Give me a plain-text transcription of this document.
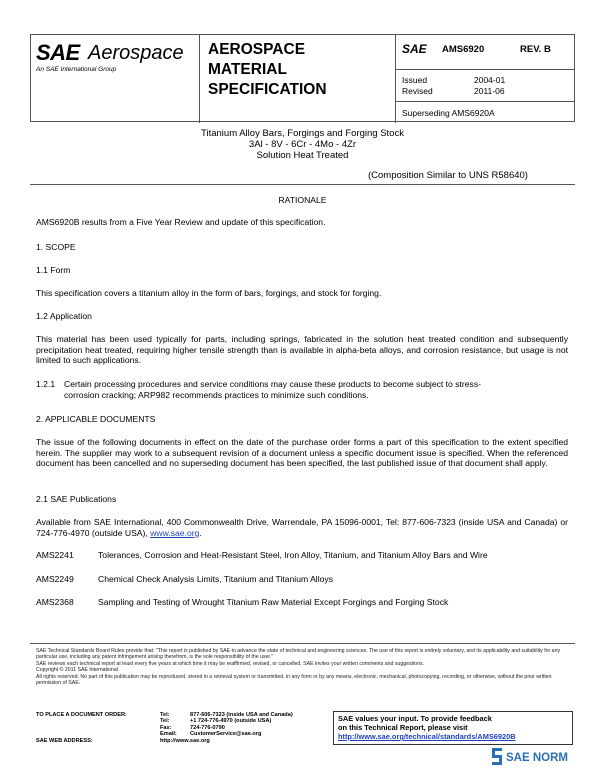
SAE Aerospace
An SAE International Group
AEROSPACE
MATERIAL
SPECIFICATION
SAE AMS6920	REV. B
Issued	2004-01
Revised	2011-06
Superseding AMS6920A
Titanium Alloy Bars, Forgings and Forging Stock
3Al - 8V - 6Cr - 4Mo - 4Zr
Solution Heat Treated
(Composition Similar to UNS R58640)
RATIONALE
AMS6920B results from a Five Year Review and update of this specification.
1. SCOPE
1.1 Form
This specification covers a titanium alloy in the form of bars, forgings, and stock for forging.
1.2 Application
This material has been used typically for parts, including springs, fabricated in the solution heat treated condition and subsequently precipitation heat treated, requiring higher tensile strength than is available in alpha-beta alloys, and corrosion resistance, but usage is not limited to such applications.
1.2.1 Certain processing procedures and service conditions may cause these products to become subject to stress-
corrosion cracking; ARP982 recommends practices to minimize such conditions.
2. APPLICABLE DOCUMENTS
The issue of the following documents in effect on the date of the purchase order forms a part of this specification to the extent specified herein. The supplier may work to a subsequent revision of a document unless a specific document issue is specified. When the referenced document has been cancelled and no superseding document has been specified, the last published issue of that document shall apply.
2.1 SAE Publications
Available from SAE International, 400 Commonwealth Drive, Warrendale, PA 15096-0001, Tel: 877-606-7323 (inside USA and Canada) or 724-776-4970 (outside USA), www.sae.org.
AMS2241	Tolerances, Corrosion and Heat-Resistant Steel, Iron Alloy, Titanium, and Titanium Alloy Bars and Wire
AMS2249	Chemical Check Analysis Limits, Titanium and Titanium Alloys
AMS2368	Sampling and Testing of Wrought Titanium Raw Material Except Forgings and Forging Stock
SAE Technical Standards Board Rules provide that: "This report is published by SAE to advance the state of technical and engineering sciences. The use of this report is entirely voluntary, and its applicability and suitability for any particular use, including any patent infringement arising therefrom, is the sole responsibility of the user."
SAE reviews each technical report at least every five years at which time it may be reaffirmed, revised, or cancelled. SAE invites your written comments and suggestions.
Copyright © 2011 SAE International
All rights reserved. No part of this publication may be reproduced, stored in a retrieval system or transmitted, in any form or by any means, electronic, mechanical, photocopying, recording, or otherwise, without the prior written permission of SAE.
TO PLACE A DOCUMENT ORDER:	Tel:	877-606-7323 (inside USA and Canada)
Tel:	+1 724-776-4970 (outside USA)
Fax:	724-776-0790
Email: CustomerService@sae.org
SAE WEB ADDRESS:	http://www.sae.org
SAE values your input. To provide feedback
on this Technical Report, please visit
http://www.sae.org/technical/standards/AMS6920B
SAE NORM
